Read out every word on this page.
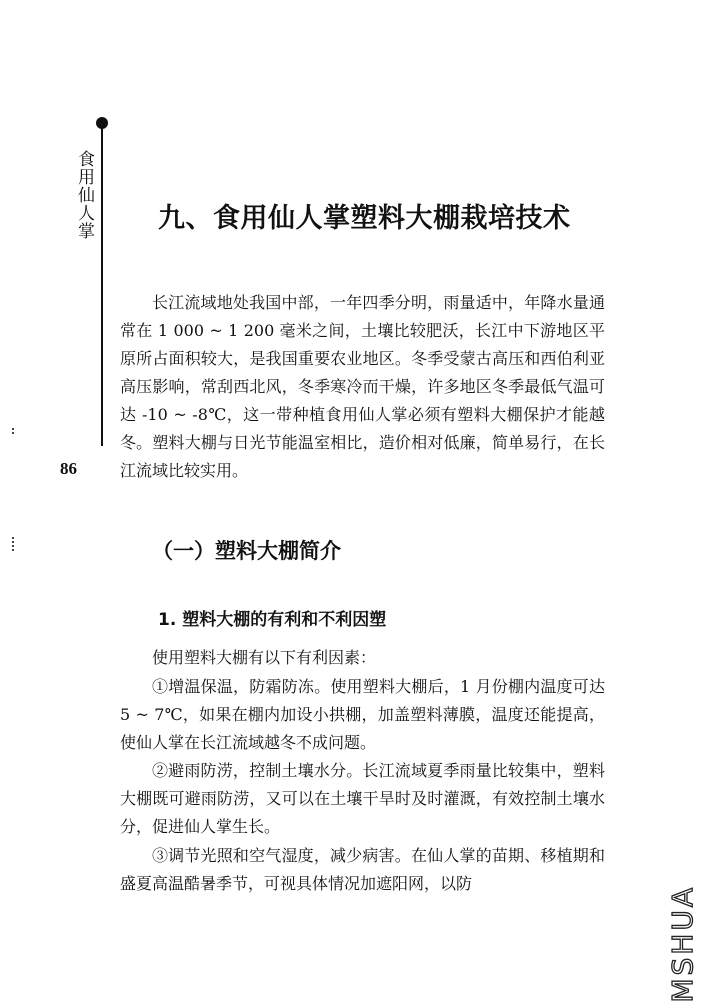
食用仙人掌
86
九、食用仙人掌塑料大棚栽培技术

长江流域地处我国中部，一年四季分明，雨量适中，年降水量通常在 1 000 ~ 1 200 毫米之间，土壤比较肥沃，长江中下游地区平原所占面积较大，是我国重要农业地区。冬季受蒙古高压和西伯利亚高压影响，常刮西北风，冬季寒冷而干燥，许多地区冬季最低气温可达 -10 ~ -8℃，这一带种植食用仙人掌必须有塑料大棚保护才能越冬。塑料大棚与日光节能温室相比，造价相对低廉，简单易行，在长江流域比较实用。

（一）塑料大棚简介
1. 塑料大棚的有利和不利因塑

使用塑料大棚有以下有利因素：

①增温保温，防霜防冻。使用塑料大棚后，1 月份棚内温度可达 5 ~ 7℃，如果在棚内加设小拱棚，加盖塑料薄膜，温度还能提高，使仙人掌在长江流域越冬不成问题。

②避雨防涝，控制土壤水分。长江流域夏季雨量比较集中，塑料大棚既可避雨防涝，又可以在土壤干旱时及时灌溉，有效控制土壤水分，促进仙人掌生长。

③调节光照和空气湿度，减少病害。在仙人掌的苗期、移植期和盛夏高温酷暑季节，可视具体情况加遮阳网，以防

MSHUA
